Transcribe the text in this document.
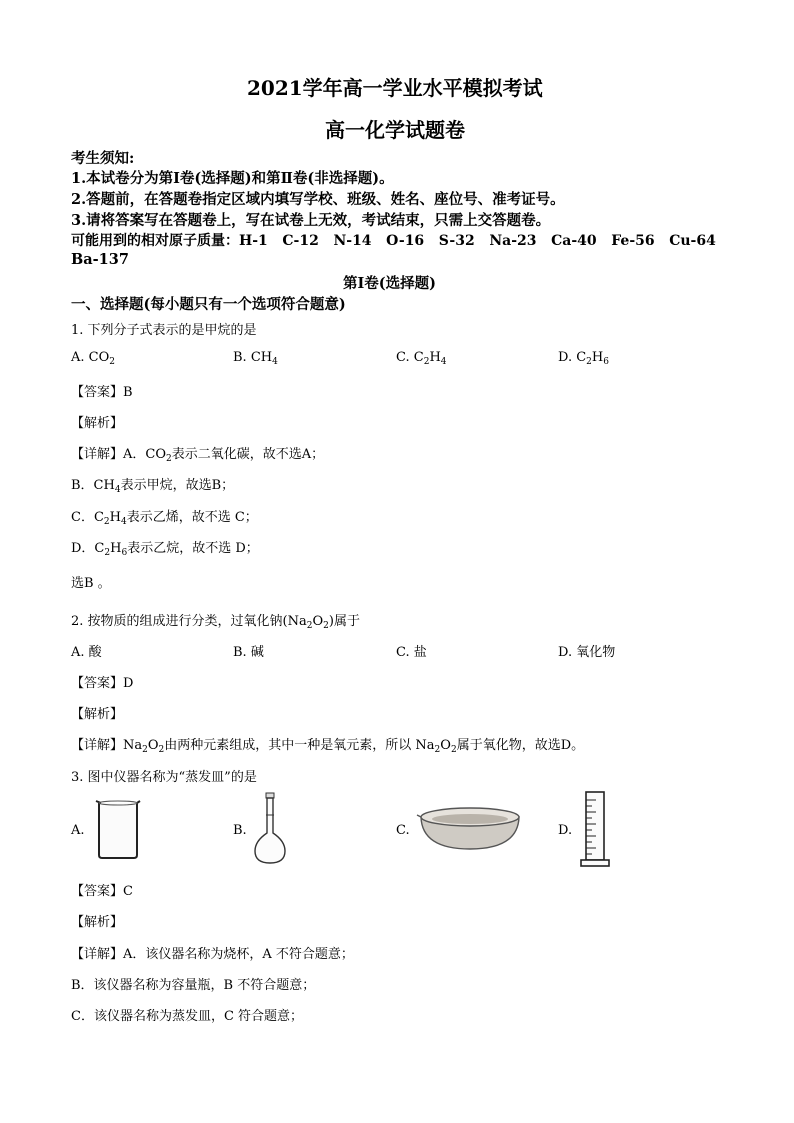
2021学年高一学业水平模拟考试
高一化学试题卷
考生须知:
1.本试卷分为第Ⅰ卷(选择题)和第Ⅱ卷(非选择题)。
2.答题前，在答题卷指定区域内填写学校、班级、姓名、座位号、准考证号。
3.请将答案写在答题卷上，写在试卷上无效，考试结束，只需上交答题卷。
可能用到的相对原子质量：H-1   C-12   N-14   O-16   S-32   Na-23   Ca-40   Fe-56   Cu-64
Ba-137
第Ⅰ卷(选择题)
一、选择题(每小题只有一个选项符合题意)
1. 下列分子式表示的是甲烷的是
A. $CO_2$	B. $CH_4$	C. $C_2H_4$	D. $C_2H_6$
【答案】B
【解析】
【详解】A．$CO_2$表示二氧化碳，故不选A；
B．$CH_4$表示甲烷，故选B；
C．$C_2H_4$表示乙烯，故不选 C；
D．$C_2H_6$表示乙烷，故不选 D；
选B 。
2. 按物质的组成进行分类，过氧化钠$(Na_2O_2)$属于
A. 酸	B. 碱	C. 盐	D. 氧化物
【答案】D
【解析】
【详解】$Na_2O_2$由两种元素组成，其中一种是氧元素，所以 $Na_2O_2$属于氧化物，故选D。
3. 图中仪器名称为“蒸发皿”的是
A.	B.	C.	D.
【答案】C
【解析】
【详解】A．该仪器名称为烧杯，A 不符合题意；
B．该仪器名称为容量瓶，B 不符合题意；
C．该仪器名称为蒸发皿，C 符合题意；
